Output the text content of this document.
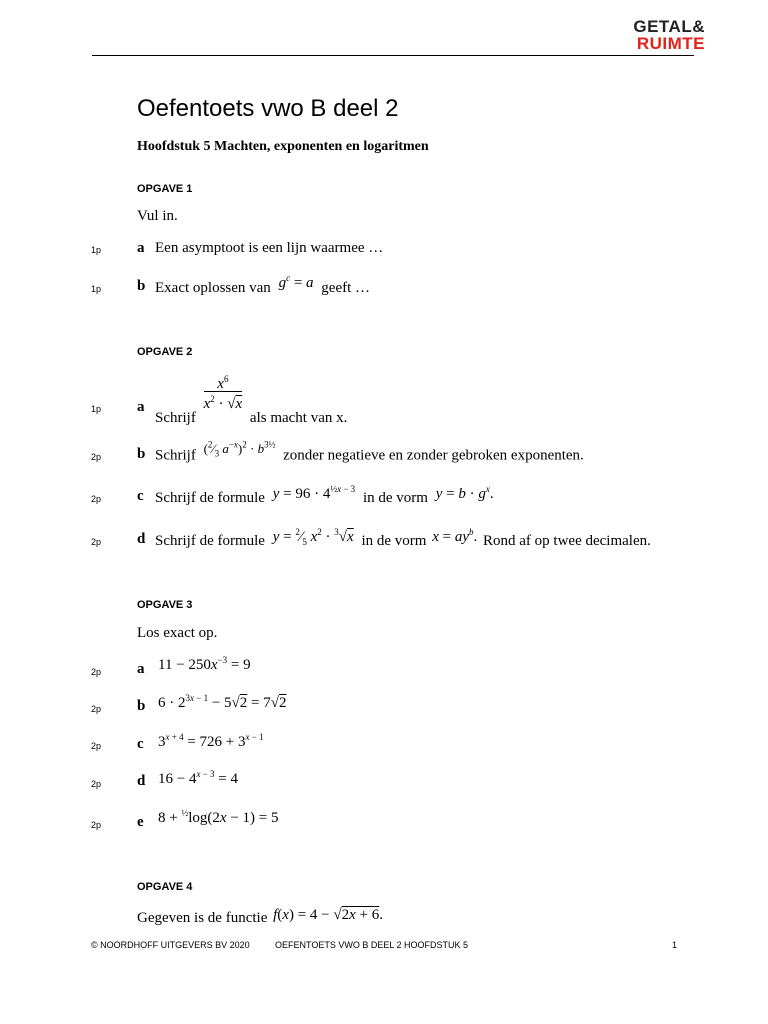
GETAL&
RUIMTE
Oefentoets vwo B deel 2
Hoofdstuk 5 Machten, exponenten en logaritmen
OPGAVE 1
Vul in.
1p a Een asymptoot is een lijn waarmee …
1p b Exact oplossen van $g^c = a$ geeft …
OPGAVE 2
1p a
Schrijf
$\frac{x^6}{x^2 \cdot √x}$
als macht van x.
2p b Schrijf ($^2⁄_3$ $a^{-x})^2 \cdot b^{3\frac{1}{2}}$ zonder negatieve en zonder gebroken exponenten.
2p c Schrijf de formule $y = 96 \cdot 4^{\frac{1}{2}x - 3}$ in de vorm $y = b \cdot g^x$.
2p d Schrijf de formule $y = ^2⁄_5$ $x^2 \cdot ^3√x$ in de vorm $x = ay^b$. Rond af op twee decimalen.
OPGAVE 3
Los exact op.
2p a $11 - 250x^{-3} = 9$
2p b $6 \cdot 2^{3x - 1} - 5√2 = 7√2$
2p c $3^{x + 4} = 726 + 3^{x - 1}$
2p d $16 - 4^{x - 3} = 4$
2p e 8 + $^{\frac{1}{2}}$log(2x − 1) = 5
OPGAVE 4
Gegeven is de functie f(x) = 4 − √2x + 6.
© NOORDHOFF UITGEVERS BV 2020	OEFENTOETS VWO B DEEL 2 HOOFDSTUK 5	1
